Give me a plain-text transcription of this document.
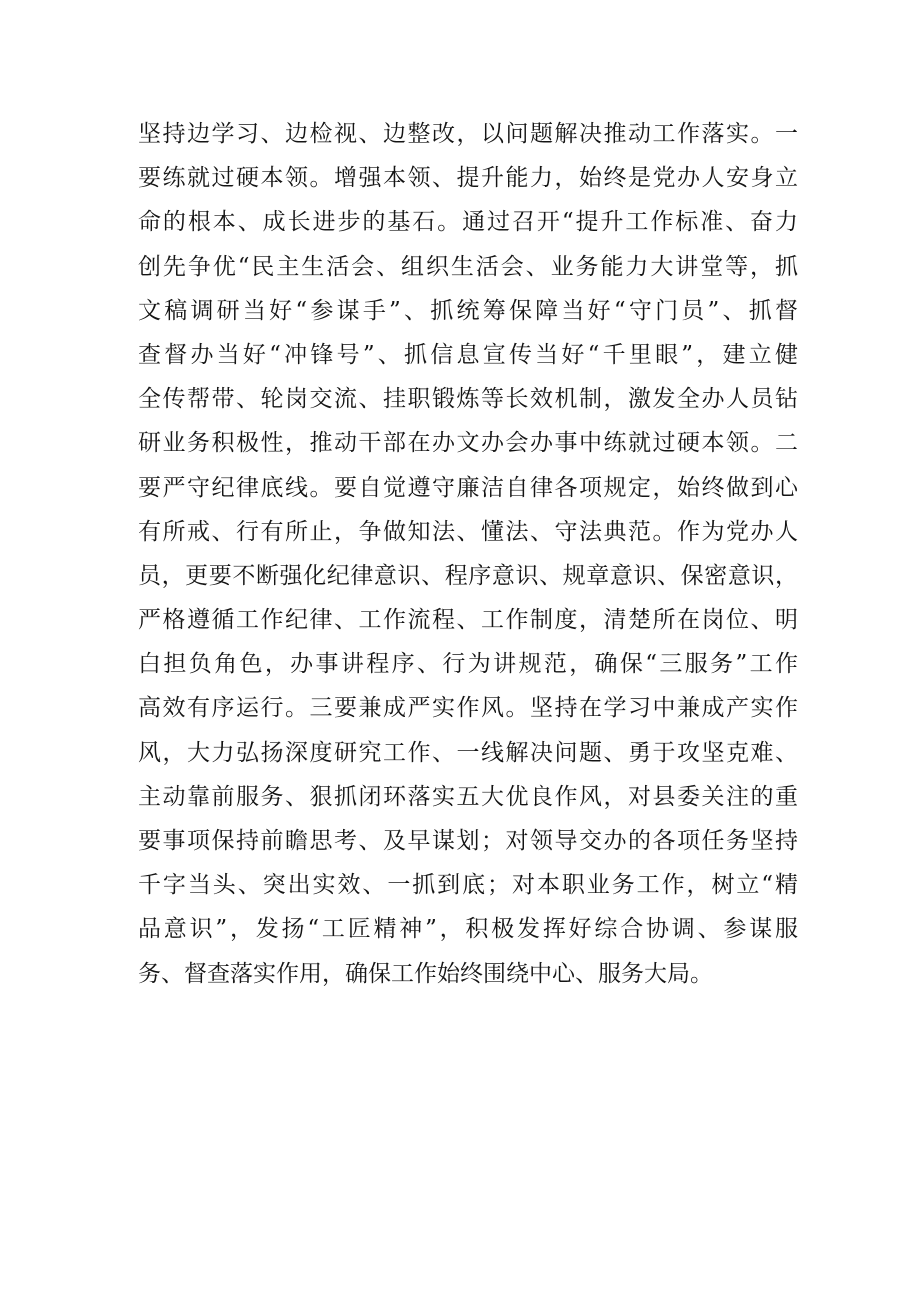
坚持边学习、边检视、边整改，以问题解决推动工作落实。一
要练就过硬本领。增强本领、提升能力，始终是党办人安身立
命的根本、成长进步的基石。通过召开“提升工作标准、奋力
创先争优“民主生活会、组织生活会、业务能力大讲堂等，抓
文稿调研当好“参谋手”、抓统筹保障当好“守门员”、抓督
查督办当好“冲锋号”、抓信息宣传当好“千里眼”，建立健
全传帮带、轮岗交流、挂职锻炼等长效机制，激发全办人员钻
研业务积极性，推动干部在办文办会办事中练就过硬本领。二
要严守纪律底线。要自觉遵守廉洁自律各项规定，始终做到心
有所戒、行有所止，争做知法、懂法、守法典范。作为党办人
员，更要不断强化纪律意识、程序意识、规章意识、保密意识，
严格遵循工作纪律、工作流程、工作制度，清楚所在岗位、明
白担负角色，办事讲程序、行为讲规范，确保“三服务”工作
高效有序运行。三要兼成严实作风。坚持在学习中兼成产实作
风，大力弘扬深度研究工作、一线解决问题、勇于攻坚克难、
主动靠前服务、狠抓闭环落实五大优良作风，对县委关注的重
要事项保持前瞻思考、及早谋划；对领导交办的各项任务坚持
千字当头、突出实效、一抓到底；对本职业务工作，树立“精
品意识”，发扬“工匠精神”，积极发挥好综合协调、参谋服
务、督查落实作用，确保工作始终围绕中心、服务大局。
